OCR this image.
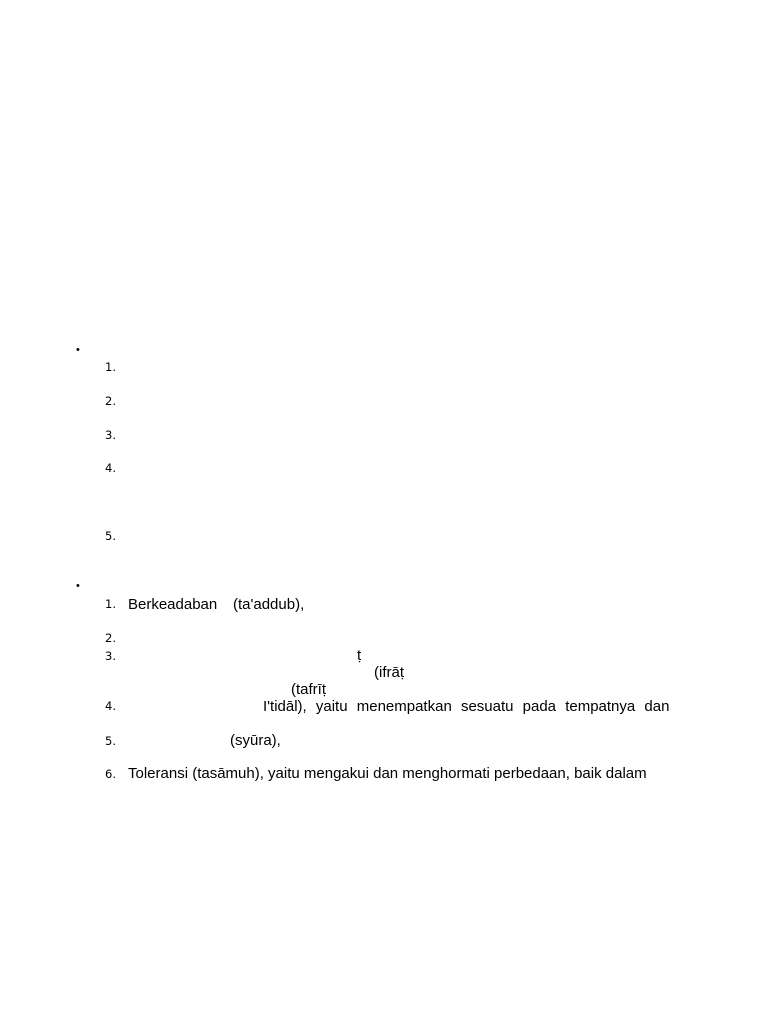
•
1.
2.
3.
4.
5.
•
1. Berkeadaban (ta'addub),
2.
3.	ṭ
(ifrāṭ
(tafrīṭ
4.	I'tidāl), yaitu menempatkan sesuatu pada tempatnya dan
5.	(syūra),
6. Toleransi (tasāmuh), yaitu mengakui dan menghormati perbedaan, baik dalam
